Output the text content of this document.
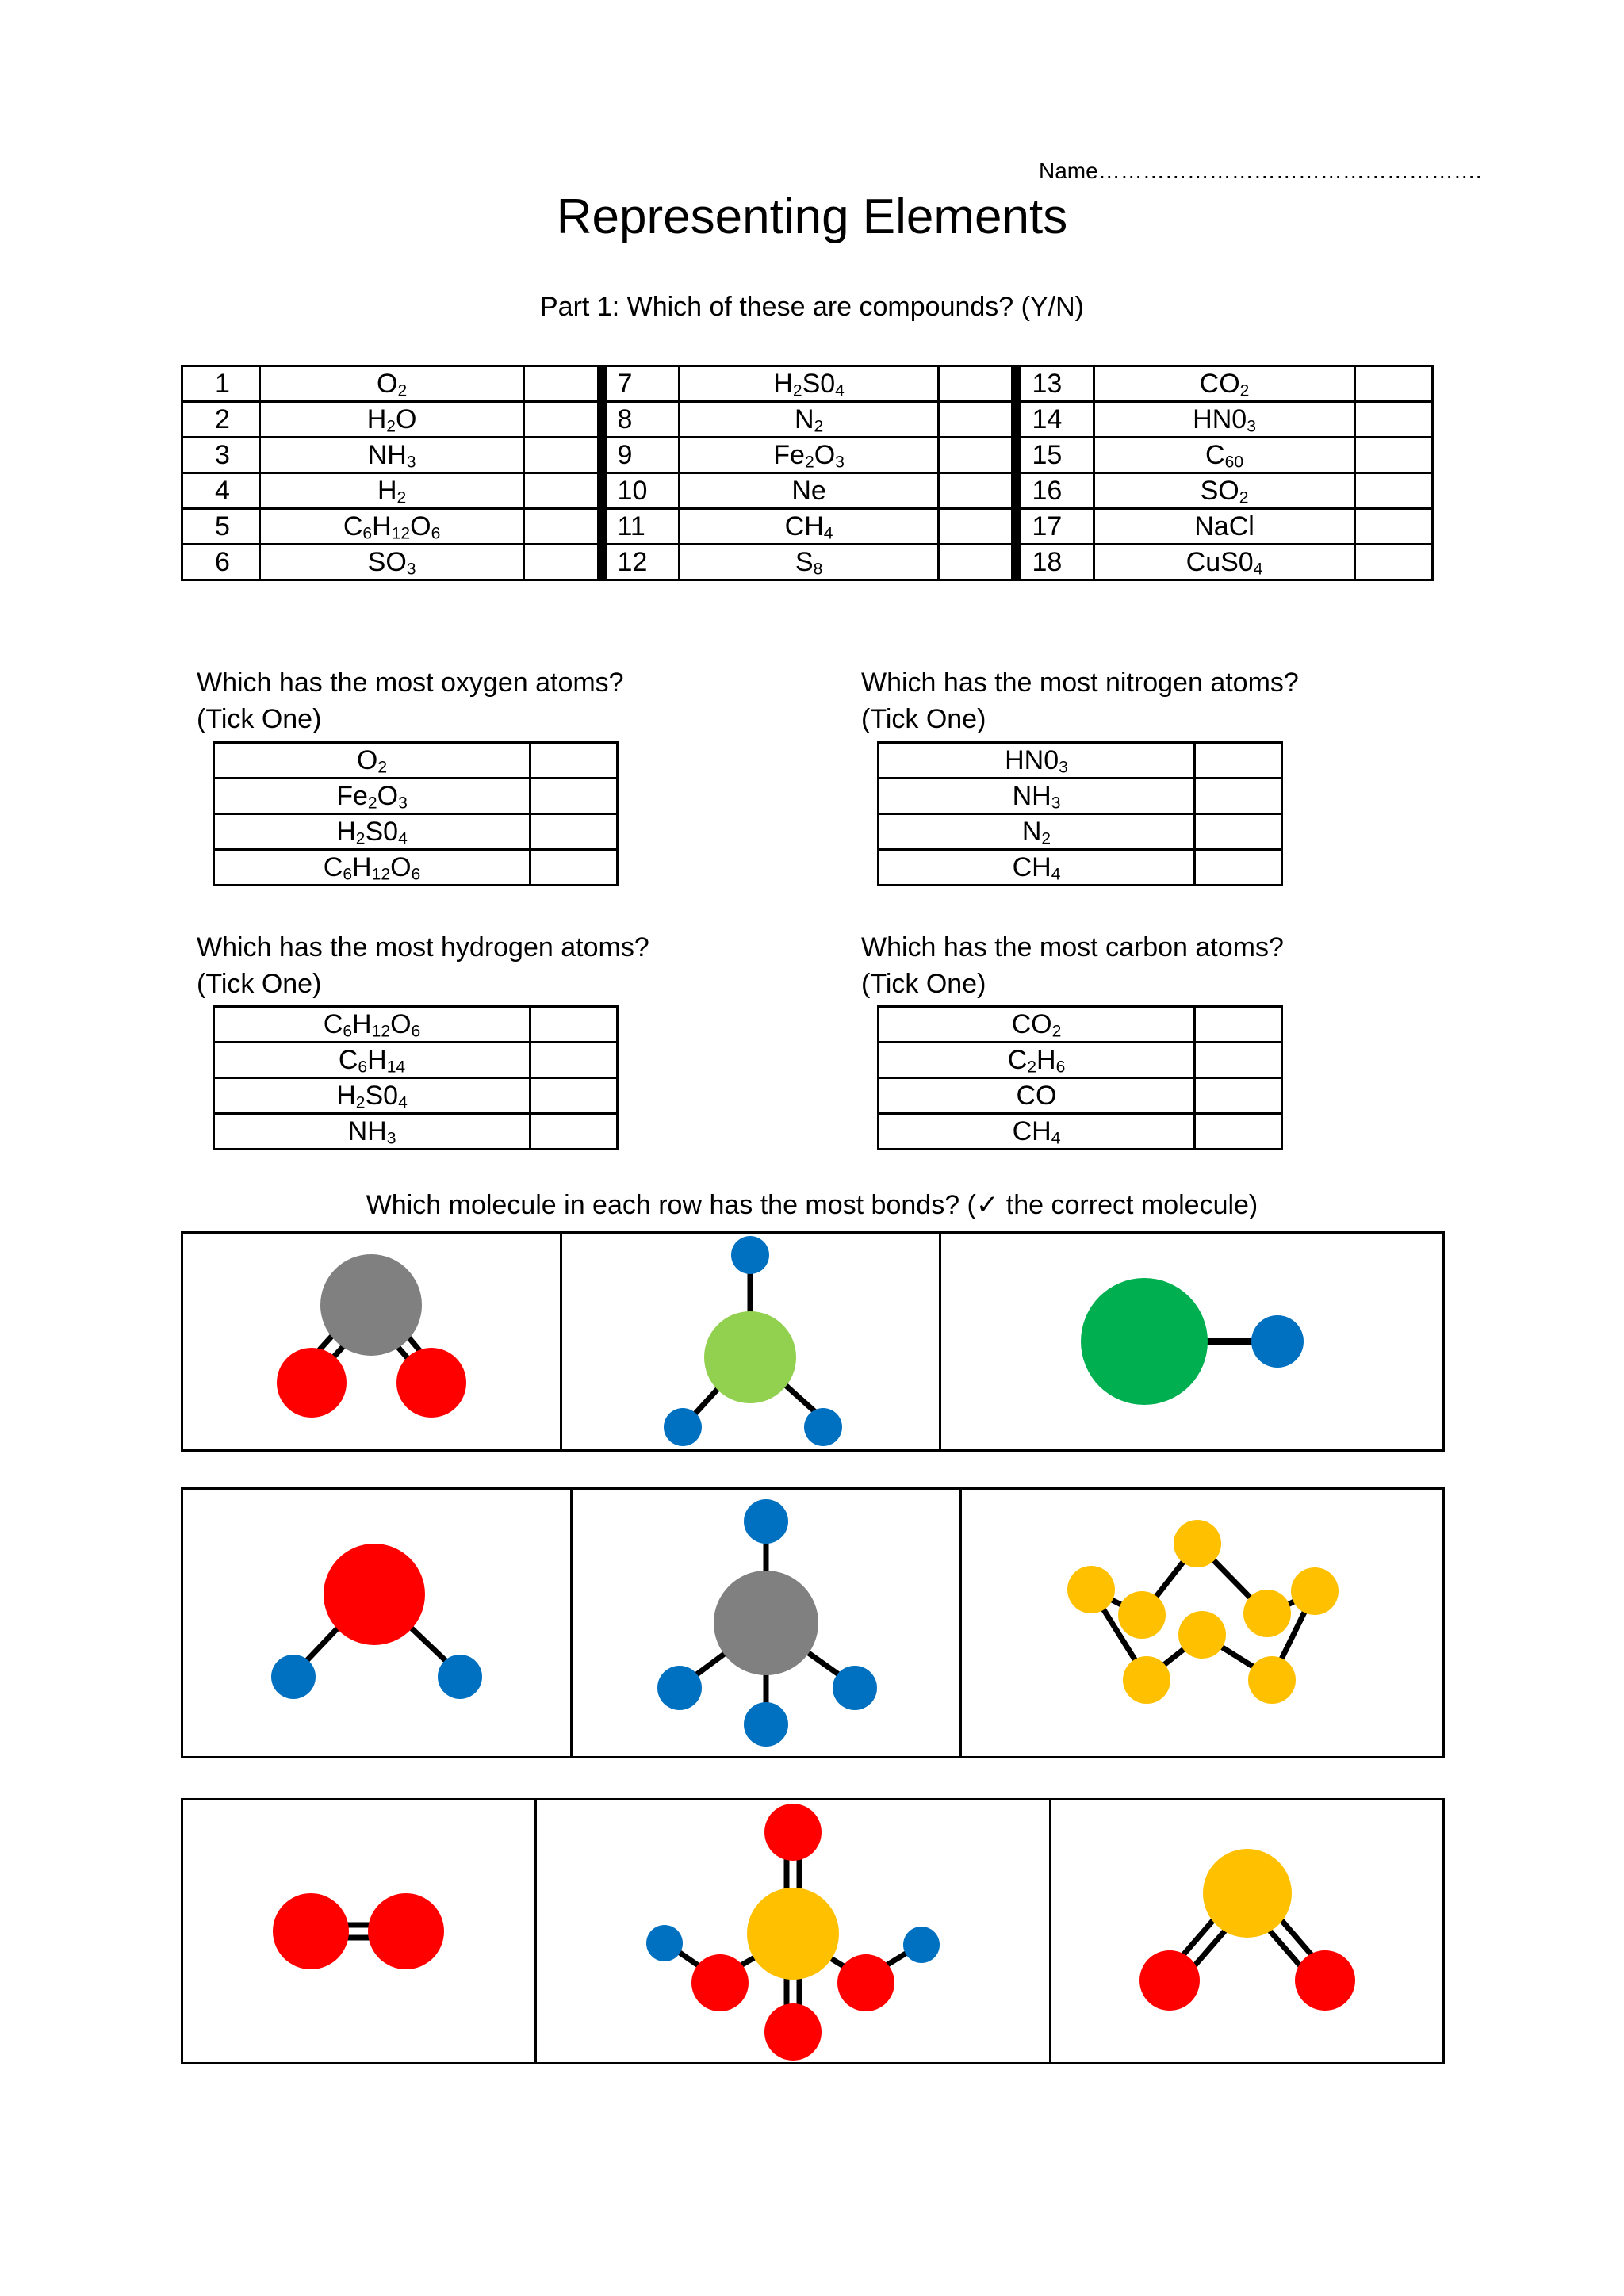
Name…………………………………………….
Representing Elements
Part 1: Which of these are compounds? (Y/N)
1	$O_2$		7	$H_2S0_4$		13	$CO_2$	
2	$H_2O$		8	$N_2$		14	$HN0_3$	
3	$NH_3$		9	$Fe_2O_3$		15	$C_{60}$	
4	$H_2$		10	Ne		16	$SO_2$	
5	$C_6H_{12}O_6$		11	$CH_4$		17	NaCl	
6	$SO_3$		12	$S_8$		18	$CuS0_4$	
Which has the most oxygen atoms?
(Tick One)
$O_2$	
$Fe_2O_3$	
$H_2S0_4$	
$C_6H_{12}O_6$	
Which has the most nitrogen atoms?
(Tick One)
$HN0_3$	
$NH_3$	
$N_2$	
$CH_4$	
Which has the most hydrogen atoms?
(Tick One)
$C_6H_{12}O_6$	
$C_6H_{14}$	
$H_2S0_4$	
$NH_3$	
Which has the most carbon atoms?
(Tick One)
$CO_2$	
$C_2H_6$	
CO	
$CH_4$	
Which molecule in each row has the most bonds? (✓ the correct molecule)
